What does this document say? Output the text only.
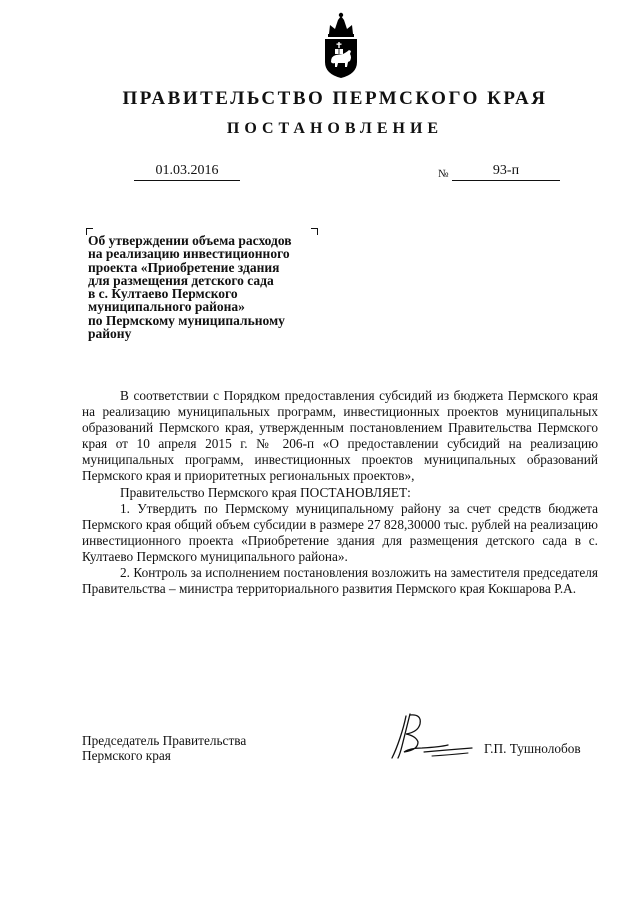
ПРАВИТЕЛЬСТВО ПЕРМСКОГО КРАЯ
ПОСТАНОВЛЕНИЕ
01.03.2016	№	93-п
Об утверждении объема расходов
на реализацию инвестиционного
проекта «Приобретение здания
для размещения детского сада
в с. Култаево Пермского
муниципального района»
по Пермскому муниципальному
району

В соответствии с Порядком предоставления субсидий из бюджета Пермского края на реализацию муниципальных программ, инвестиционных проектов муниципальных образований Пермского края, утвержденным постановлением Правительства Пермского края от 10 апреля 2015 г. № 206-п «О предоставлении субсидий на реализацию муниципальных программ, инвестиционных проектов муниципальных образований Пермского края и приоритетных региональных проектов»,

Правительство Пермского края ПОСТАНОВЛЯЕТ:

1. Утвердить по Пермскому муниципальному району за счет средств бюджета Пермского края общий объем субсидии в размере 27 828,30000 тыс. рублей на реализацию инвестиционного проекта «Приобретение здания для размещения детского сада в с. Култаево Пермского муниципального района».

2. Контроль за исполнением постановления возложить на заместителя председателя Правительства – министра территориального развития Пермского края Кокшарова Р.А.

Председатель Правительства
Пермского края	Г.П. Тушнолобов
